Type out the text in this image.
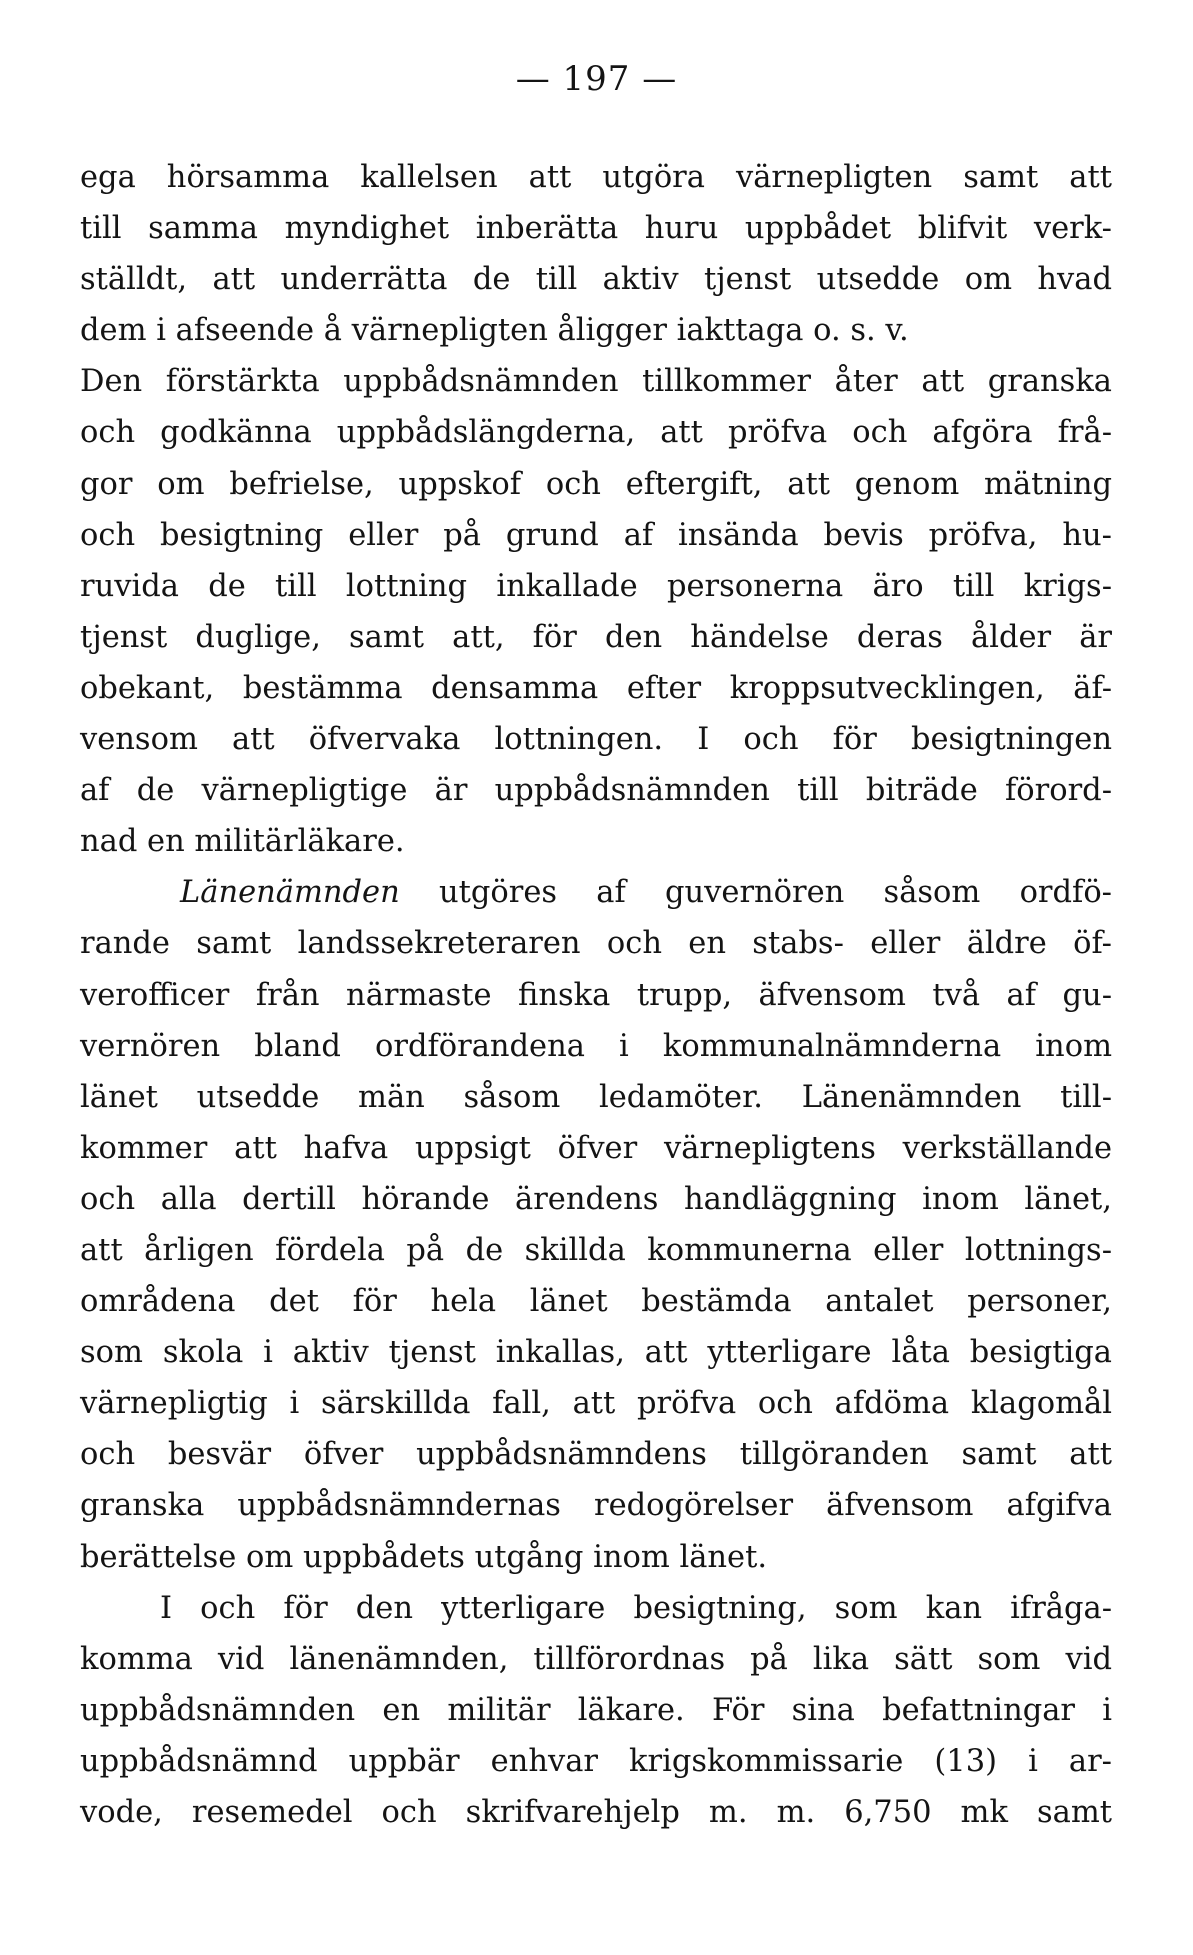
— 197 —
ega hörsamma kallelsen att utgöra värnepligten samt att
till samma myndighet inberätta huru uppbådet blifvit verk-
ställdt, att underrätta de till aktiv tjenst utsedde om hvad
dem i afseende å värnepligten åligger iakttaga o. s. v.
Den förstärkta uppbådsnämnden tillkommer åter att granska
och godkänna uppbådslängderna, att pröfva och afgöra frå-
gor om befrielse, uppskof och eftergift, att genom mätning
och besigtning eller på grund af insända bevis pröfva, hu-
ruvida de till lottning inkallade personerna äro till krigs-
tjenst duglige, samt att, för den händelse deras ålder är
obekant, bestämma densamma efter kroppsutvecklingen, äf-
vensom att öfvervaka lottningen. I och för besigtningen
af de värnepligtige är uppbådsnämnden till biträde förord-
nad en militärläkare.
Länenämnden utgöres af guvernören såsom ordfö-
rande samt landssekreteraren och en stabs- eller äldre öf-
verofficer från närmaste finska trupp, äfvensom två af gu-
vernören bland ordförandena i kommunalnämnderna inom
länet utsedde män såsom ledamöter. Länenämnden till-
kommer att hafva uppsigt öfver värnepligtens verkställande
och alla dertill hörande ärendens handläggning inom länet,
att årligen fördela på de skillda kommunerna eller lottnings-
områdena det för hela länet bestämda antalet personer,
som skola i aktiv tjenst inkallas, att ytterligare låta besigtiga
värnepligtig i särskillda fall, att pröfva och afdöma klagomål
och besvär öfver uppbådsnämndens tillgöranden samt att
granska uppbådsnämndernas redogörelser äfvensom afgifva
berättelse om uppbådets utgång inom länet.
I och för den ytterligare besigtning, som kan ifråga-
komma vid länenämnden, tillförordnas på lika sätt som vid
uppbådsnämnden en militär läkare. För sina befattningar i
uppbådsnämnd uppbär enhvar krigskommissarie (13) i ar-
vode, resemedel och skrifvarehjelp m. m. 6,750 mk samt
